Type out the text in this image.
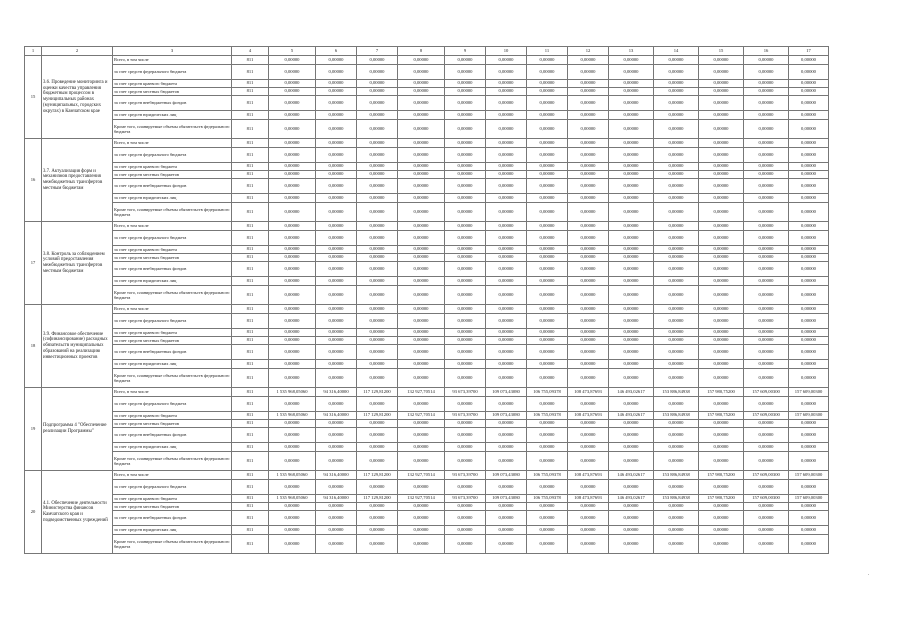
1	2	3	4	5	6	7	8	9	10	11	12	13	14	15	16	17
15	3.6. Проведение мониторинга и оценки качества управления бюджетным процессом в муниципальных районах (муниципальных, городских округах) в Камчатском крае	Всего, в том числе	811	0,00000	0,00000	0,00000	0,00000	0,00000	0,00000	0,00000	0,00000	0,00000	0,00000	0,00000	0,00000	0,00000
		за счет средств федерального бюджета	811	0,00000	0,00000	0,00000	0,00000	0,00000	0,00000	0,00000	0,00000	0,00000	0,00000	0,00000	0,00000	0,00000
		за счет средств краевого бюджета	811	0,00000	0,00000	0,00000	0,00000	0,00000	0,00000	0,00000	0,00000	0,00000	0,00000	0,00000	0,00000	0,00000
		за счет средств местных бюджетов	811	0,00000	0,00000	0,00000	0,00000	0,00000	0,00000	0,00000	0,00000	0,00000	0,00000	0,00000	0,00000	0,00000
		за счет средств внебюджетных фондов	811	0,00000	0,00000	0,00000	0,00000	0,00000	0,00000	0,00000	0,00000	0,00000	0,00000	0,00000	0,00000	0,00000
		за счет средств юридических лиц	811	0,00000	0,00000	0,00000	0,00000	0,00000	0,00000	0,00000	0,00000	0,00000	0,00000	0,00000	0,00000	0,00000
		Кроме того, планируемые объемы обязательств федерального бюджета	811	0,00000	0,00000	0,00000	0,00000	0,00000	0,00000	0,00000	0,00000	0,00000	0,00000	0,00000	0,00000	0,00000
16	3.7. Актуализация форм и механизмов предоставления межбюджетных трансфертов местным бюджетам	Всего, в том числе	811	0,00000	0,00000	0,00000	0,00000	0,00000	0,00000	0,00000	0,00000	0,00000	0,00000	0,00000	0,00000	0,00000
		за счет средств федерального бюджета	811	0,00000	0,00000	0,00000	0,00000	0,00000	0,00000	0,00000	0,00000	0,00000	0,00000	0,00000	0,00000	0,00000
		за счет средств краевого бюджета	811	0,00000	0,00000	0,00000	0,00000	0,00000	0,00000	0,00000	0,00000	0,00000	0,00000	0,00000	0,00000	0,00000
		за счет средств местных бюджетов	811	0,00000	0,00000	0,00000	0,00000	0,00000	0,00000	0,00000	0,00000	0,00000	0,00000	0,00000	0,00000	0,00000
		за счет средств внебюджетных фондов	811	0,00000	0,00000	0,00000	0,00000	0,00000	0,00000	0,00000	0,00000	0,00000	0,00000	0,00000	0,00000	0,00000
		за счет средств юридических лиц	811	0,00000	0,00000	0,00000	0,00000	0,00000	0,00000	0,00000	0,00000	0,00000	0,00000	0,00000	0,00000	0,00000
		Кроме того, планируемые объемы обязательств федерального бюджета	811	0,00000	0,00000	0,00000	0,00000	0,00000	0,00000	0,00000	0,00000	0,00000	0,00000	0,00000	0,00000	0,00000
17	3.8. Контроль за соблюдением условий предоставления межбюджетных трансфертов местным бюджетам	Всего, в том числе	811	0,00000	0,00000	0,00000	0,00000	0,00000	0,00000	0,00000	0,00000	0,00000	0,00000	0,00000	0,00000	0,00000
		за счет средств федерального бюджета	811	0,00000	0,00000	0,00000	0,00000	0,00000	0,00000	0,00000	0,00000	0,00000	0,00000	0,00000	0,00000	0,00000
		за счет средств краевого бюджета	811	0,00000	0,00000	0,00000	0,00000	0,00000	0,00000	0,00000	0,00000	0,00000	0,00000	0,00000	0,00000	0,00000
		за счет средств местных бюджетов	811	0,00000	0,00000	0,00000	0,00000	0,00000	0,00000	0,00000	0,00000	0,00000	0,00000	0,00000	0,00000	0,00000
		за счет средств внебюджетных фондов	811	0,00000	0,00000	0,00000	0,00000	0,00000	0,00000	0,00000	0,00000	0,00000	0,00000	0,00000	0,00000	0,00000
		за счет средств юридических лиц	811	0,00000	0,00000	0,00000	0,00000	0,00000	0,00000	0,00000	0,00000	0,00000	0,00000	0,00000	0,00000	0,00000
		Кроме того, планируемые объемы обязательств федерального бюджета	811	0,00000	0,00000	0,00000	0,00000	0,00000	0,00000	0,00000	0,00000	0,00000	0,00000	0,00000	0,00000	0,00000
18	3.9. Финансовое обеспечение (софинансирование) расходных обязательств муниципальных образований на реализацию инвестиционных проектов	Всего, в том числе	811	0,00000	0,00000	0,00000	0,00000	0,00000	0,00000	0,00000	0,00000	0,00000	0,00000	0,00000	0,00000	0,00000
		за счет средств федерального бюджета	811	0,00000	0,00000	0,00000	0,00000	0,00000	0,00000	0,00000	0,00000	0,00000	0,00000	0,00000	0,00000	0,00000
		за счет средств краевого бюджета	811	0,00000	0,00000	0,00000	0,00000	0,00000	0,00000	0,00000	0,00000	0,00000	0,00000	0,00000	0,00000	0,00000
		за счет средств местных бюджетов	811	0,00000	0,00000	0,00000	0,00000	0,00000	0,00000	0,00000	0,00000	0,00000	0,00000	0,00000	0,00000	0,00000
		за счет средств внебюджетных фондов	811	0,00000	0,00000	0,00000	0,00000	0,00000	0,00000	0,00000	0,00000	0,00000	0,00000	0,00000	0,00000	0,00000
		за счет средств юридических лиц	811	0,00000	0,00000	0,00000	0,00000	0,00000	0,00000	0,00000	0,00000	0,00000	0,00000	0,00000	0,00000	0,00000
		Кроме того, планируемые объемы обязательств федерального бюджета	811	0,00000	0,00000	0,00000	0,00000	0,00000	0,00000	0,00000	0,00000	0,00000	0,00000	0,00000	0,00000	0,00000
19	Подпрограмма 4 "Обеспечение реализации Программы"	Всего, в том числе	811	1 535 968,05060	94 316,40000	117 129,81200	132 927,70514	93 673,39700	109 073,43080	106 755,09378	108 473,87693	146 493,02617	153 886,84938	157 980,75200	157 609,00300	157 609,00300
		за счет средств федерального бюджета	811	0,00000	0,00000	0,00000	0,00000	0,00000	0,00000	0,00000	0,00000	0,00000	0,00000	0,00000	0,00000	0,00000
		за счет средств краевого бюджета	811	1 535 968,05060	94 316,40000	117 129,81200	132 927,70514	93 673,39700	109 073,43080	106 755,09378	108 473,87693	146 493,02617	153 886,84938	157 980,75200	157 609,00300	157 609,00300
		за счет средств местных бюджетов	811	0,00000	0,00000	0,00000	0,00000	0,00000	0,00000	0,00000	0,00000	0,00000	0,00000	0,00000	0,00000	0,00000
		за счет средств внебюджетных фондов	811	0,00000	0,00000	0,00000	0,00000	0,00000	0,00000	0,00000	0,00000	0,00000	0,00000	0,00000	0,00000	0,00000
		за счет средств юридических лиц	811	0,00000	0,00000	0,00000	0,00000	0,00000	0,00000	0,00000	0,00000	0,00000	0,00000	0,00000	0,00000	0,00000
		Кроме того, планируемые объемы обязательств федерального бюджета	811	0,00000	0,00000	0,00000	0,00000	0,00000	0,00000	0,00000	0,00000	0,00000	0,00000	0,00000	0,00000	0,00000
20	4.1. Обеспечение деятельности Министерства финансов Камчатского края и подведомственных учреждений	Всего, в том числе	811	1 535 968,05060	94 316,40000	117 129,81200	132 927,70514	93 673,39700	109 073,43080	106 755,09378	108 473,87693	146 493,02617	153 886,84938	157 980,75200	157 609,00300	157 609,00300
		за счет средств федерального бюджета	811	0,00000	0,00000	0,00000	0,00000	0,00000	0,00000	0,00000	0,00000	0,00000	0,00000	0,00000	0,00000	0,00000
		за счет средств краевого бюджета	811	1 535 968,05060	94 316,40000	117 129,81200	132 927,70514	93 673,39700	109 073,43080	106 755,09378	108 473,87693	146 493,02617	153 886,84938	157 980,75200	157 609,00300	157 609,00300
		за счет средств местных бюджетов	811	0,00000	0,00000	0,00000	0,00000	0,00000	0,00000	0,00000	0,00000	0,00000	0,00000	0,00000	0,00000	0,00000
		за счет средств внебюджетных фондов	811	0,00000	0,00000	0,00000	0,00000	0,00000	0,00000	0,00000	0,00000	0,00000	0,00000	0,00000	0,00000	0,00000
		за счет средств юридических лиц	811	0,00000	0,00000	0,00000	0,00000	0,00000	0,00000	0,00000	0,00000	0,00000	0,00000	0,00000	0,00000	0,00000
		Кроме того, планируемые объемы обязательств федерального бюджета	811	0,00000	0,00000	0,00000	0,00000	0,00000	0,00000	0,00000	0,00000	0,00000	0,00000	0,00000	0,00000	0,00000
.
